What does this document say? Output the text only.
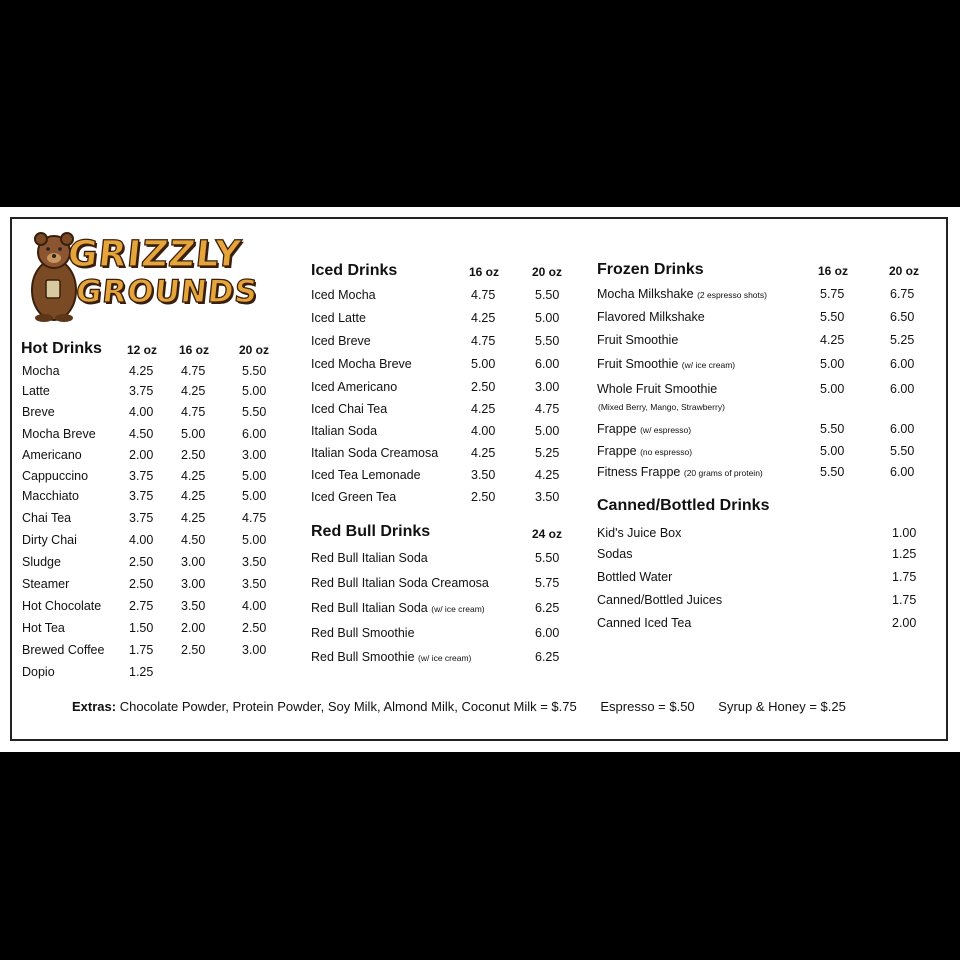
GRIZZLY
GROUNDS
Hot Drinks 12 oz 16 oz 20 oz
Mocha	4.25 4.75	5.50
Latte	3.75 4.25	5.00
Breve	4.00 4.75	5.50
Mocha Breve	4.50 5.00	6.00
Americano	2.00 2.50	3.00
Cappuccino	3.75 4.25	5.00
Macchiato	3.75 4.25	5.00
Chai Tea	3.75 4.25	4.75
Dirty Chai	4.00 4.50	5.00
Sludge	2.50 3.00	3.50
Steamer	2.50 3.00	3.50
Hot Chocolate 2.75 3.50	4.00
Hot Tea	1.50 2.00	2.50
Brewed Coffee 1.75 2.50	3.00
Dopio	1.25
Iced Drinks	16 oz	20 oz
Iced Mocha	4.75	5.50
Iced Latte	4.25	5.00
Iced Breve	4.75	5.50
Iced Mocha Breve	5.00	6.00
Iced Americano	2.50	3.00
Iced Chai Tea	4.25	4.75
Italian Soda	4.00	5.00
Italian Soda Creamosa	4.25	5.25
Iced Tea Lemonade	3.50	4.25
Iced Green Tea	2.50	3.50
Red Bull Drinks	24 oz
Red Bull Italian Soda	5.50
Red Bull Italian Soda Creamosa	5.75
Red Bull Italian Soda (w/ ice cream)	6.25
Red Bull Smoothie	6.00
Red Bull Smoothie (w/ ice cream)	6.25
Frozen Drinks	16 oz	20 oz
Mocha Milkshake (2 espresso shots)	5.75	6.75
Flavored Milkshake	5.50	6.50
Fruit Smoothie	4.25	5.25
Fruit Smoothie (w/ ice cream)	5.00	6.00
Whole Fruit Smoothie	5.00	6.00
Frappe (w/ espresso)	5.50	6.00
Frappe (no espresso)	5.00	5.50
Fitness Frappe (20 grams of protein)	5.50	6.00
(Mixed Berry, Mango, Strawberry)
Canned/Bottled Drinks
Kid's Juice Box	1.00
Sodas	1.25
Bottled Water	1.75
Canned/Bottled Juices	1.75
Canned Iced Tea	2.00
Extras: Chocolate Powder, Protein Powder, Soy Milk, Almond Milk, Coconut Milk = $.75 Espresso = $.50 Syrup & Honey = $.25
